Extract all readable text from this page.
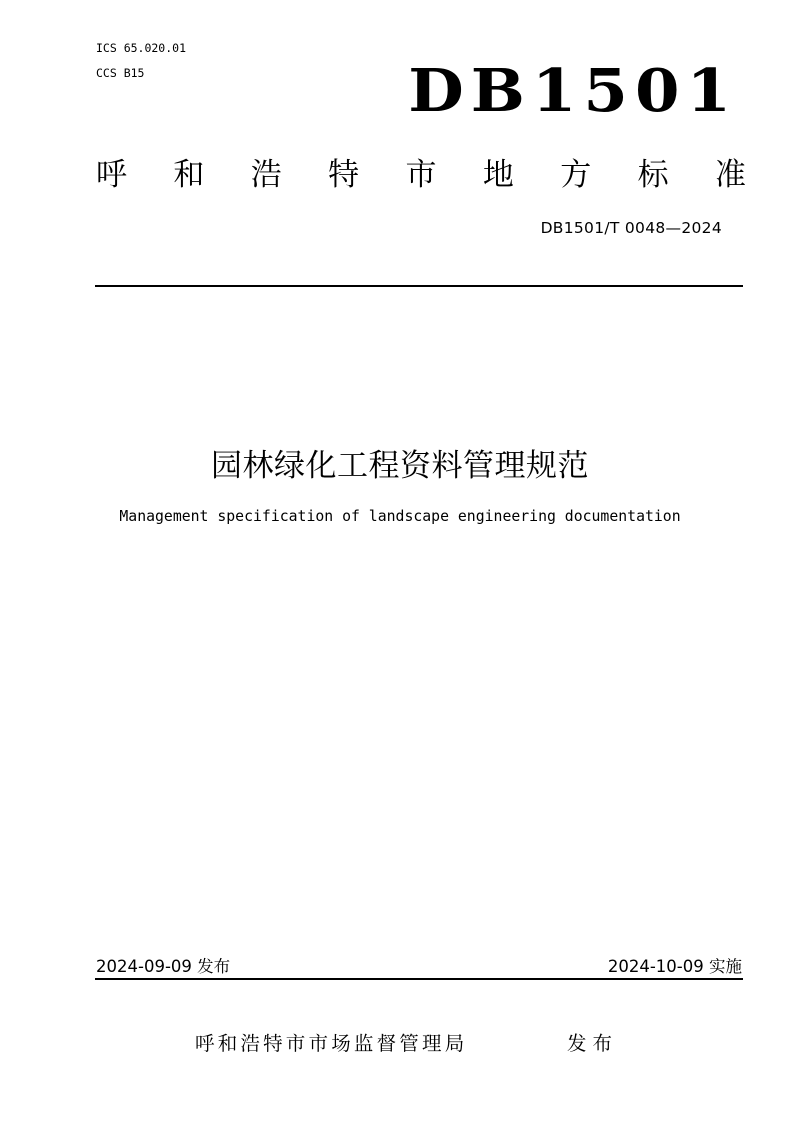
ICS 65.020.01
CCS B15	DB1501
呼 和 浩 特 市 地 方 标 准
DB1501/T 0048—2024
园林绿化工程资料管理规范
Management specification of landscape engineering documentation
2024-09-09 发布	2024-10-09 实施
呼和浩特市市场监督管理局	发布
